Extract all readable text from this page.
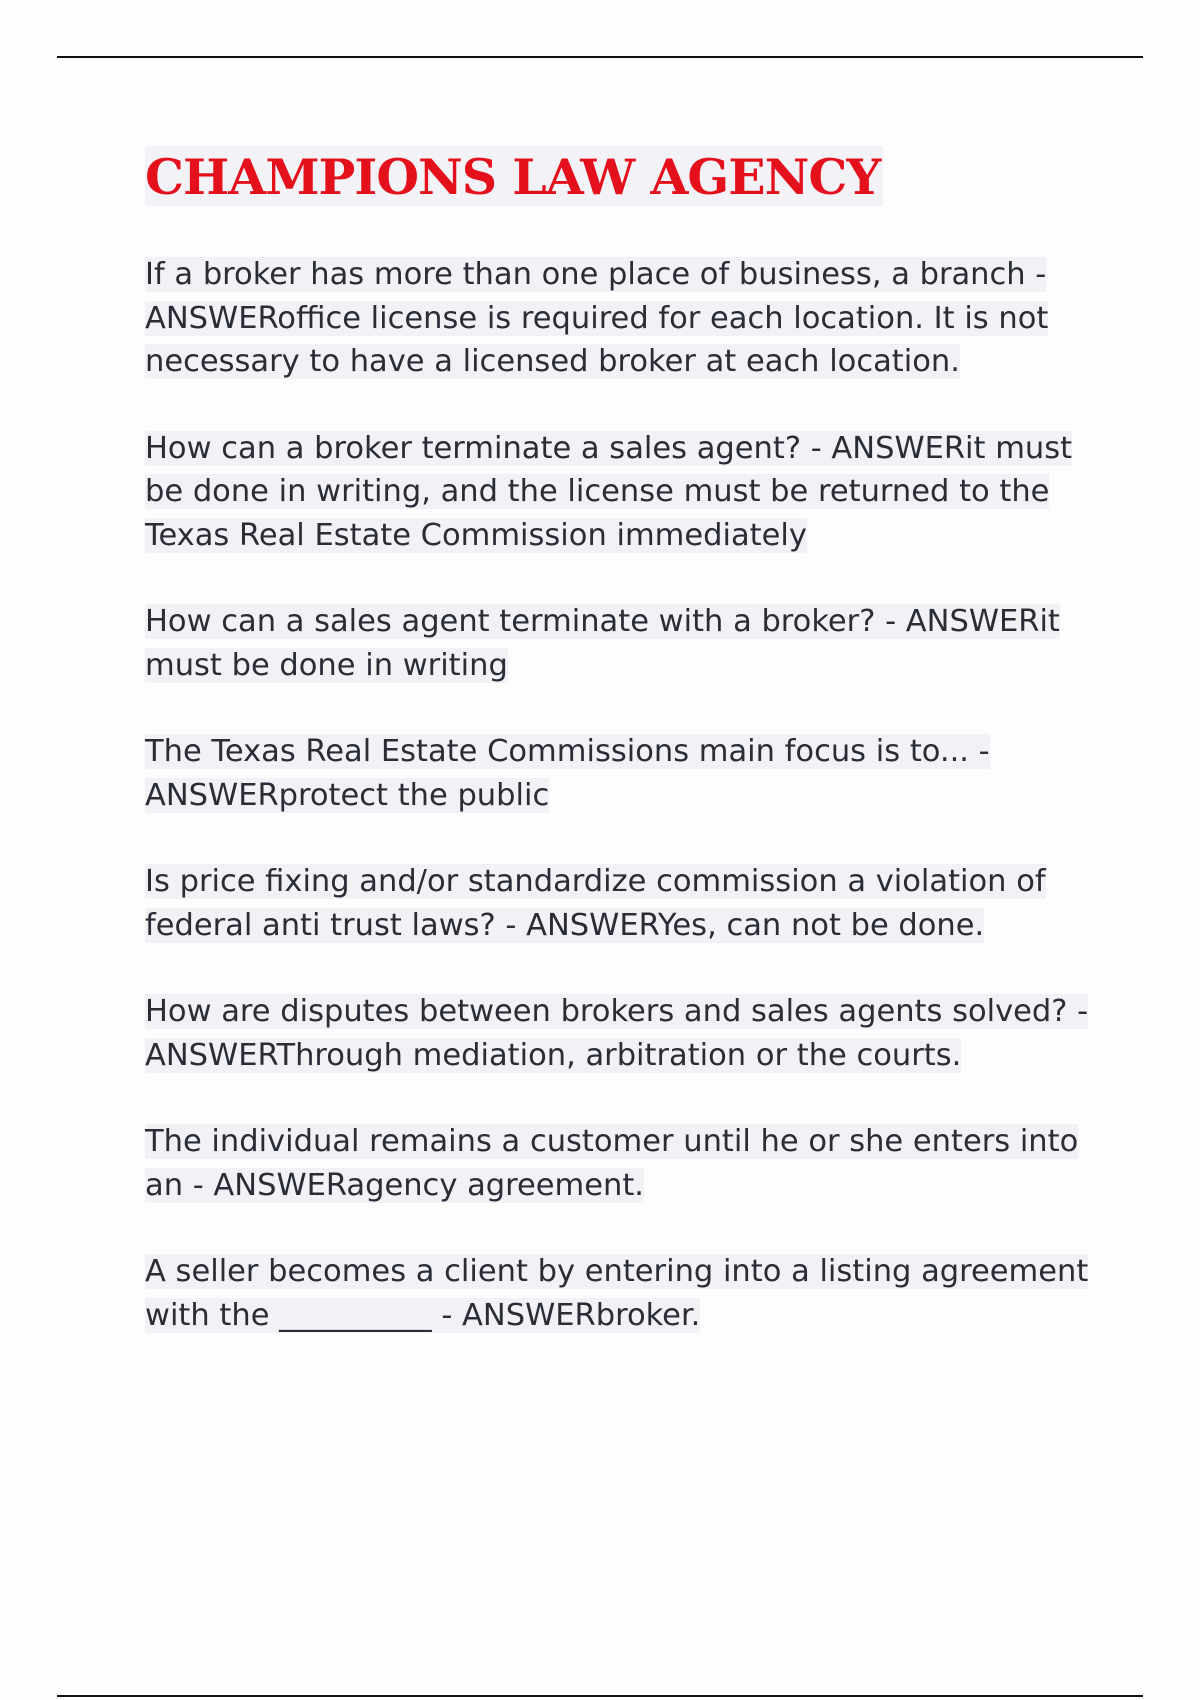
CHAMPIONS LAW AGENCY
If a broker has more than one place of business, a branch - ANSWERoffice license is required for each location. It is not necessary to have a licensed broker at each location.
How can a broker terminate a sales agent? - ANSWERit must be done in writing, and the license must be returned to the Texas Real Estate Commission immediately
How can a sales agent terminate with a broker? - ANSWERit must be done in writing
The Texas Real Estate Commissions main focus is to... - ANSWERprotect the public
Is price fixing and/or standardize commission a violation of federal anti trust laws? - ANSWERYes, can not be done.
How are disputes between brokers and sales agents solved? - ANSWERThrough mediation, arbitration or the courts.
The individual remains a customer until he or she enters into an - ANSWERagency agreement.
A seller becomes a client by entering into a listing agreement with the __________ - ANSWERbroker.
